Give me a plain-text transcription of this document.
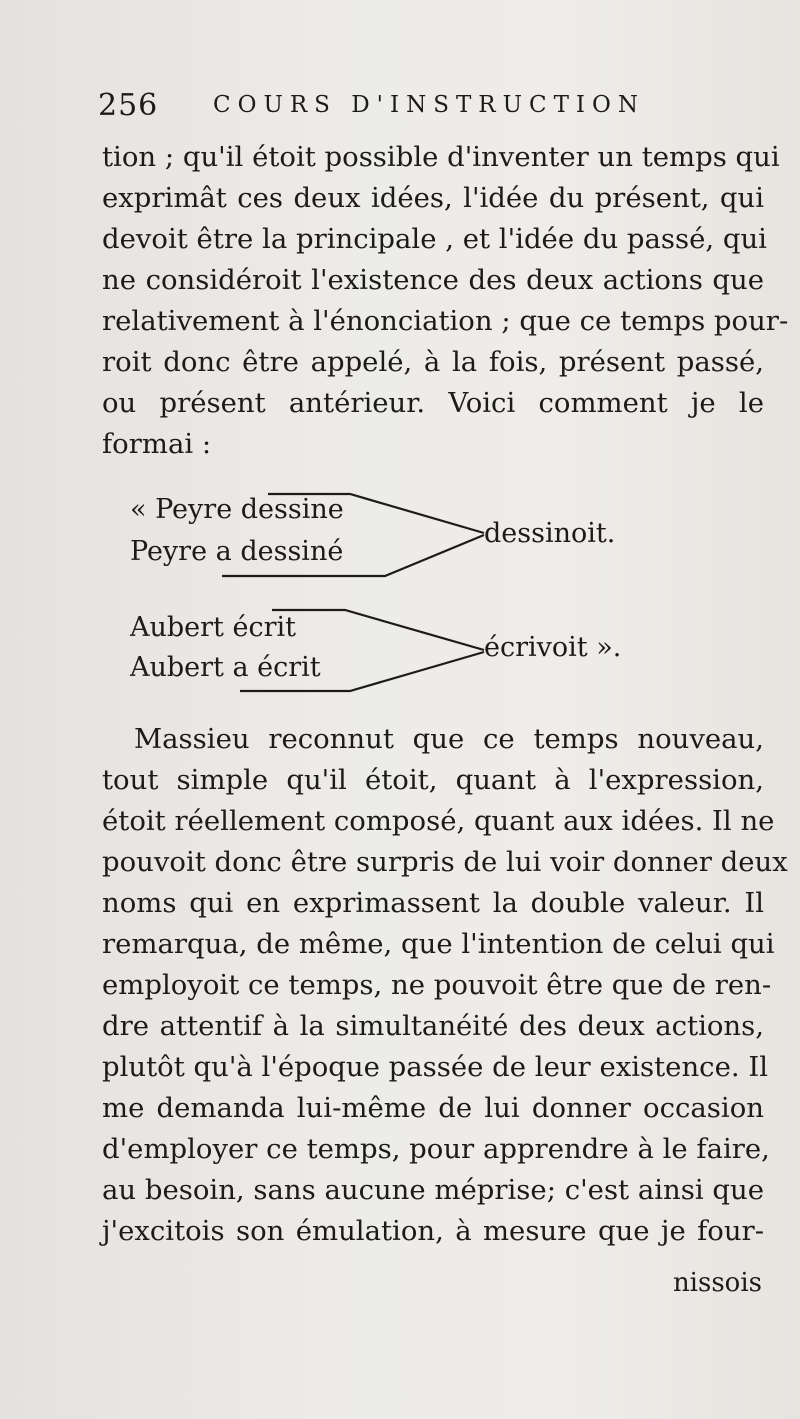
256 COURS D'INSTRUCTION
tion ; qu'il étoit possible d'inventer un temps qui
exprimât ces deux idées, l'idée du présent, qui
devoit être la principale , et l'idée du passé, qui
ne considéroit l'existence des deux actions que
relativement à l'énonciation ; que ce temps pour-
roit donc être appelé, à la fois, présent passé,
ou présent antérieur. Voici comment je le
formai :
« Peyre dessine
Peyre a dessiné
dessinoit.
Aubert écrit
Aubert a écrit
écrivoit ».
Massieu reconnut que ce temps nouveau,
tout simple qu'il étoit, quant à l'expression,
étoit réellement composé, quant aux idées. Il ne
pouvoit donc être surpris de lui voir donner deux
noms qui en exprimassent la double valeur. Il
remarqua, de même, que l'intention de celui qui
employoit ce temps, ne pouvoit être que de ren-
dre attentif à la simultanéité des deux actions,
plutôt qu'à l'époque passée de leur existence. Il
me demanda lui-même de lui donner occasion
d'employer ce temps, pour apprendre à le faire,
au besoin, sans aucune méprise; c'est ainsi que
j'excitois son émulation, à mesure que je four-
nissois
